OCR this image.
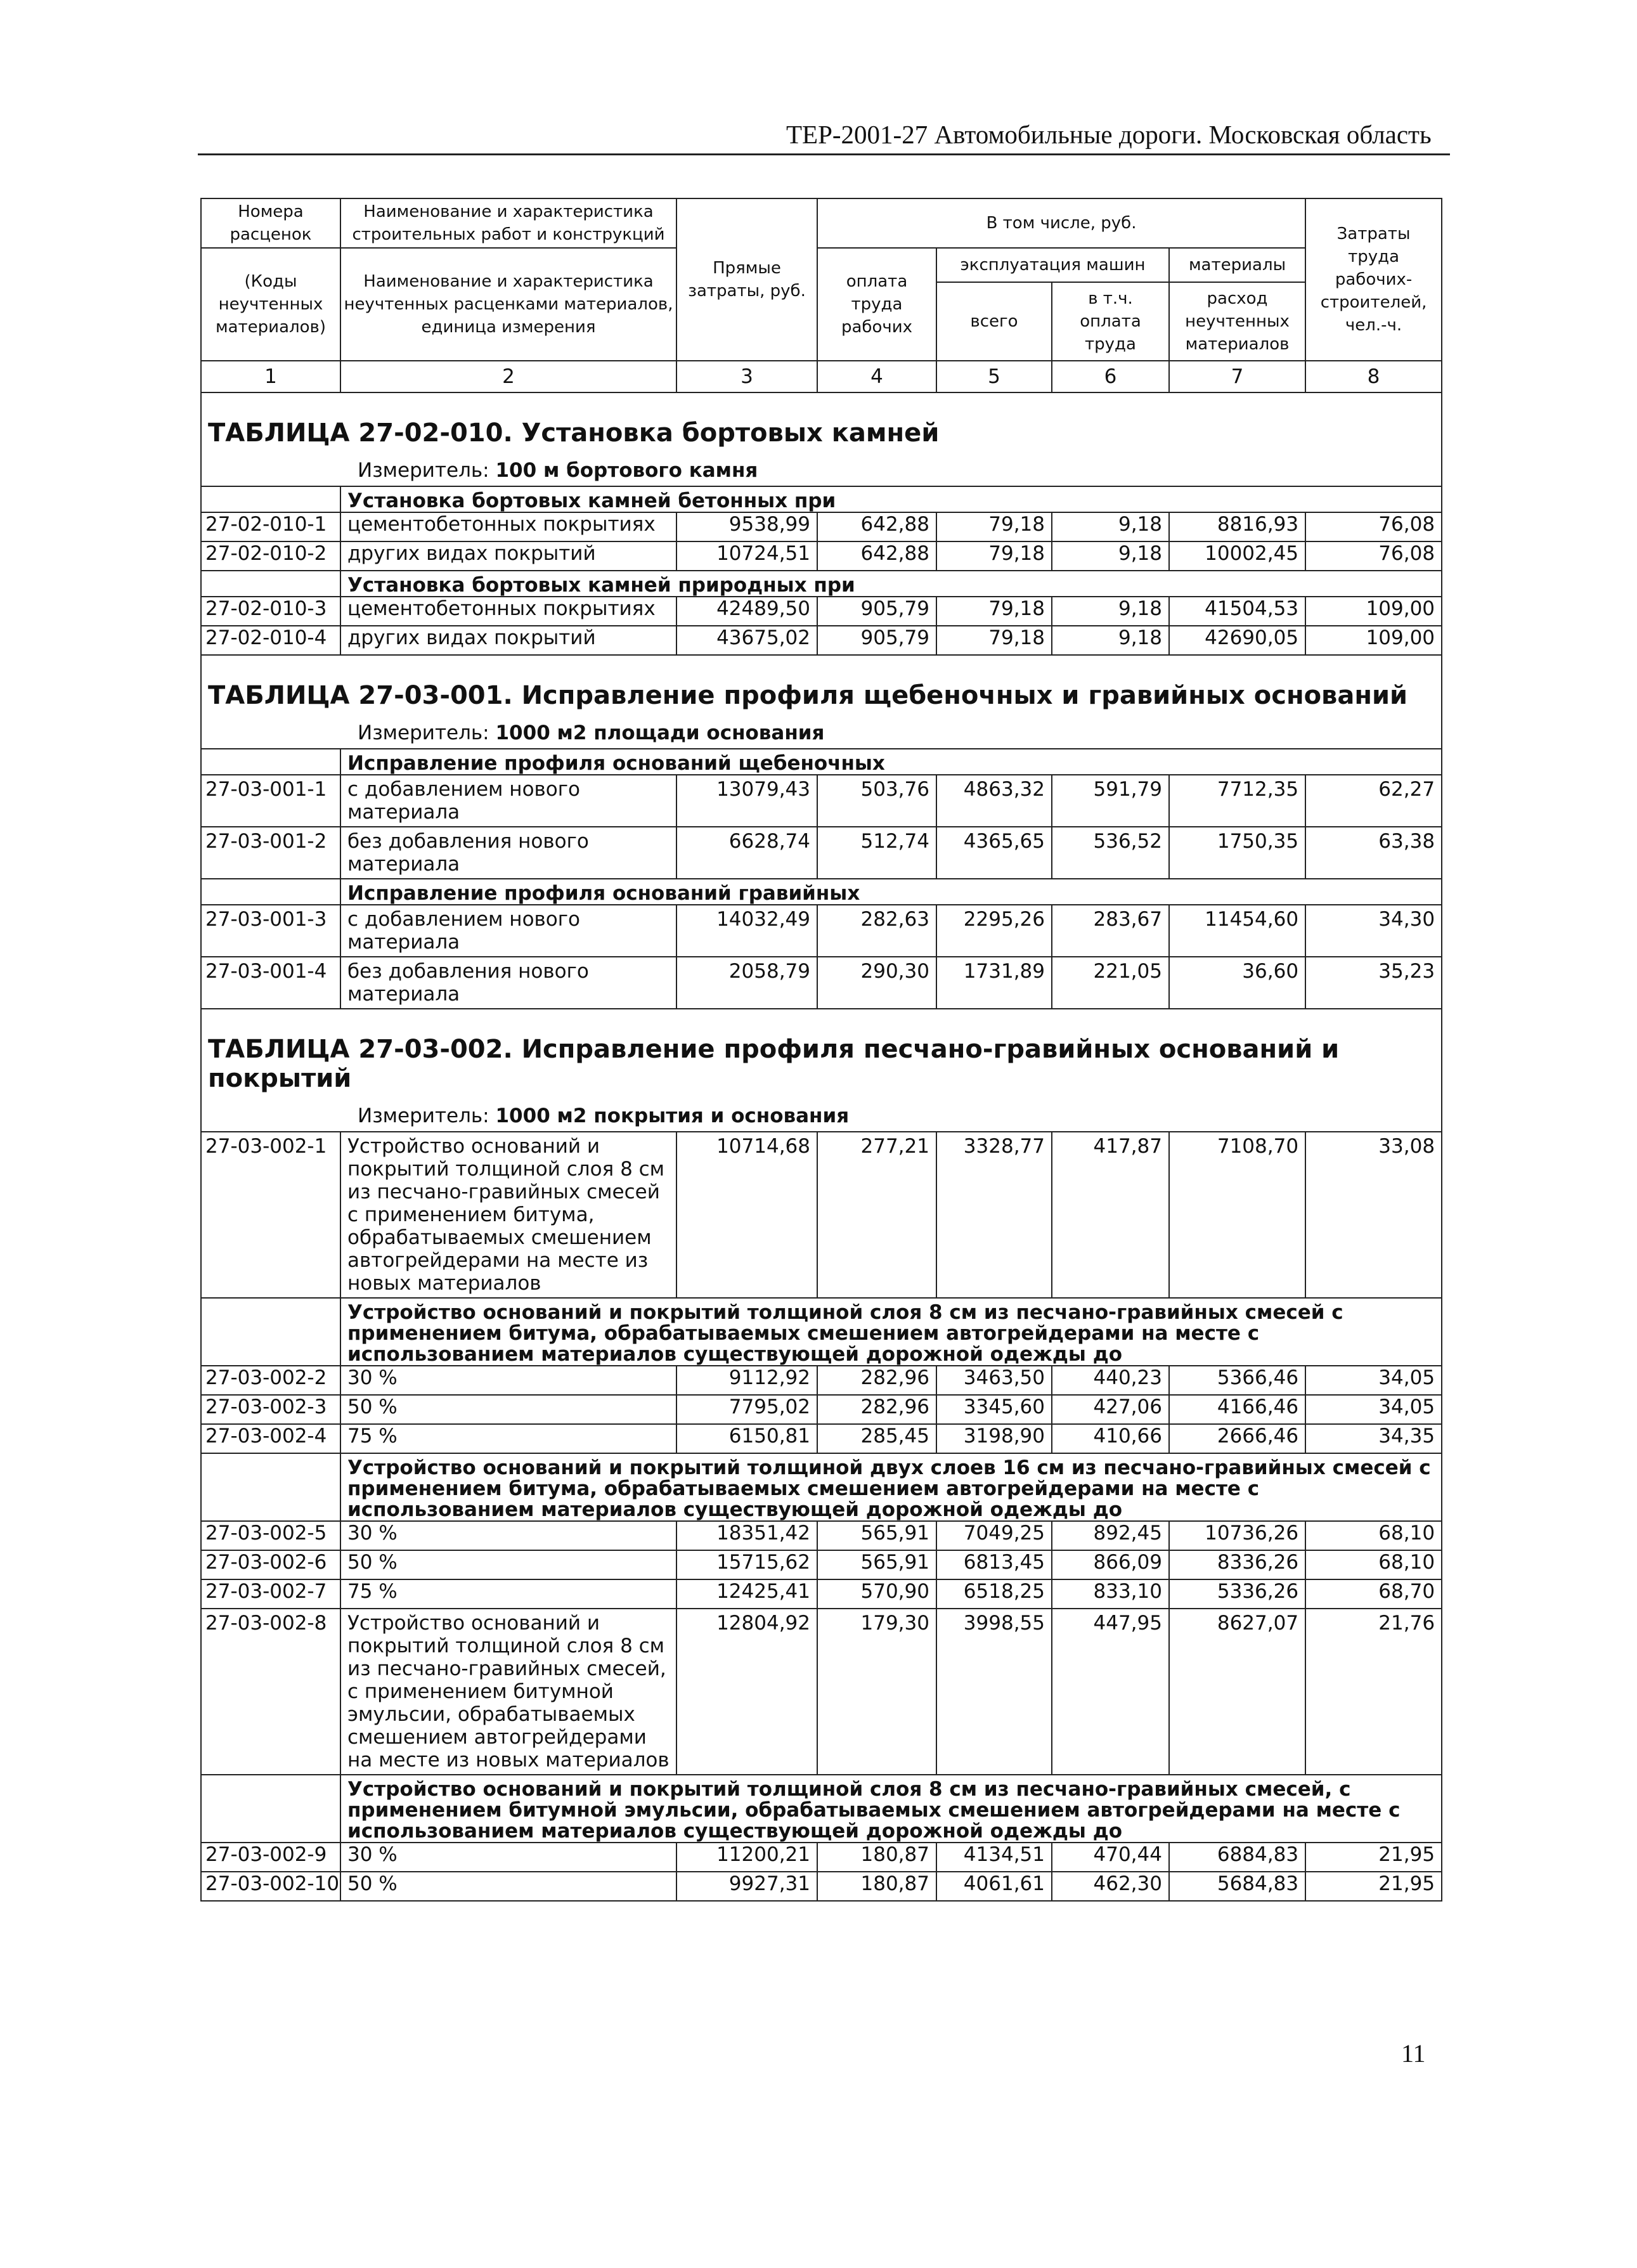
ТЕР-2001-27 Автомобильные дороги. Московская область
Номера расценок	Наименование и характеристика строительных работ и конструкций	Прямые затраты, руб.	В том числе, руб.				Затраты труда рабочих-строителей, чел.-ч.
(Коды неучтенных материалов)	Наименование и характеристика неучтенных расценками материалов, единица измерения		оплата труда рабочих	эксплуатация машин		материалы	
				всего	в т.ч. оплата труда	расход неучтенных материалов	
1	2	3	4	5	6	7	8

ТАБЛИЦА 27-02-010. Установка бортовых камней
Измеритель: 100 м бортового камня							

	Установка бортовых камней бетонных при						
27-02-010-1	цементобетонных покрытиях	9538,99	642,88	79,18	9,18	8816,93	76,08
27-02-010-2	других видах покрытий	10724,51	642,88	79,18	9,18	10002,45	76,08
	Установка бортовых камней природных при						
27-02-010-3	цементобетонных покрытиях	42489,50	905,79	79,18	9,18	41504,53	109,00
27-02-010-4	других видах покрытий	43675,02	905,79	79,18	9,18	42690,05	109,00

ТАБЛИЦА 27-03-001. Исправление профиля щебеночных и гравийных оснований
Измеритель: 1000 м2 площади основания							

	Исправление профиля оснований щебеночных						
27-03-001-1	с добавлением нового материала	13079,43	503,76	4863,32	591,79	7712,35	62,27
27-03-001-2	без добавления нового материала	6628,74	512,74	4365,65	536,52	1750,35	63,38
	Исправление профиля оснований гравийных						
27-03-001-3	с добавлением нового материала	14032,49	282,63	2295,26	283,67	11454,60	34,30
27-03-001-4	без добавления нового материала	2058,79	290,30	1731,89	221,05	36,60	35,23

ТАБЛИЦА 27-03-002. Исправление профиля песчано-гравийных оснований и покрытий
Измеритель: 1000 м2 покрытия и основания							

27-03-002-1	Устройство оснований и покрытий толщиной слоя 8 см из песчано-гравийных смесей с применением битума, обрабатываемых смешением автогрейдерами на месте из новых материалов	10714,68	277,21	3328,77	417,87	7108,70	33,08
	Устройство оснований и покрытий толщиной слоя 8 см из песчано-гравийных смесей с применением битума, обрабатываемых смешением автогрейдерами на месте с использованием материалов существующей дорожной одежды до						
27-03-002-2	30 %	9112,92	282,96	3463,50	440,23	5366,46	34,05
27-03-002-3	50 %	7795,02	282,96	3345,60	427,06	4166,46	34,05
27-03-002-4	75 %	6150,81	285,45	3198,90	410,66	2666,46	34,35
	Устройство оснований и покрытий толщиной двух слоев 16 см из песчано-гравийных смесей с применением битума, обрабатываемых смешением автогрейдерами на месте с использованием материалов существующей дорожной одежды до						
27-03-002-5	30 %	18351,42	565,91	7049,25	892,45	10736,26	68,10
27-03-002-6	50 %	15715,62	565,91	6813,45	866,09	8336,26	68,10
27-03-002-7	75 %	12425,41	570,90	6518,25	833,10	5336,26	68,70
27-03-002-8	Устройство оснований и покрытий толщиной слоя 8 см из песчано-гравийных смесей, с применением битумной эмульсии, обрабатываемых смешением автогрейдерами на месте из новых материалов	12804,92	179,30	3998,55	447,95	8627,07	21,76
	Устройство оснований и покрытий толщиной слоя 8 см из песчано-гравийных смесей, с применением битумной эмульсии, обрабатываемых смешением автогрейдерами на месте с использованием материалов существующей дорожной одежды до						
27-03-002-9	30 %	11200,21	180,87	4134,51	470,44	6884,83	21,95
27-03-002-10	50 %	9927,31	180,87	4061,61	462,30	5684,83	21,95
11
